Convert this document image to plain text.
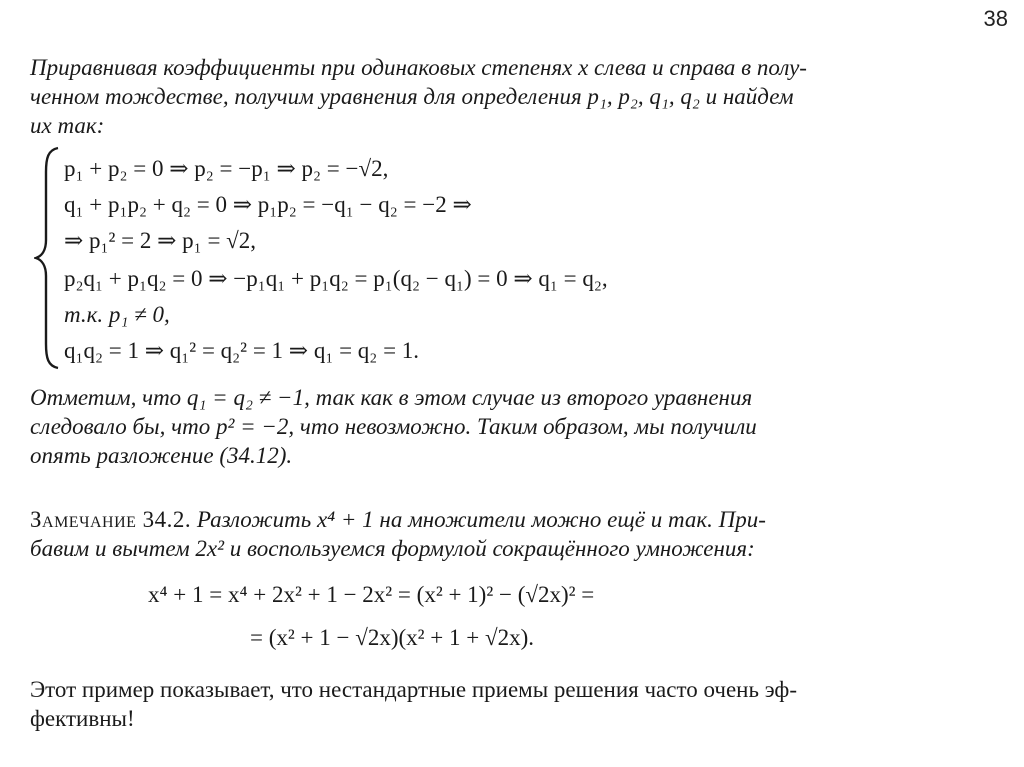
38

Приравнивая коэффициенты при одинаковых степенях x слева и справа в полу-

ченном тождестве, получим уравнения для определения p₁, p₂, q₁, q₂ и найдем

их так:

p₁ + p₂ = 0 ⇒ p₂ = −p₁ ⇒ p₂ = −√2,
q₁ + p₁p₂ + q₂ = 0 ⇒ p₁p₂ = −q₁ − q₂ = −2 ⇒
⇒ p₁² = 2 ⇒ p₁ = √2,
p₂q₁ + p₁q₂ = 0 ⇒ −p₁q₁ + p₁q₂ = p₁(q₂ − q₁) = 0 ⇒ q₁ = q₂,
т.к. p₁ ≠ 0,
q₁q₂ = 1 ⇒ q₁² = q₂² = 1 ⇒ q₁ = q₂ = 1.

Отметим, что q₁ = q₂ ≠ −1, так как в этом случае из второго уравнения

следовало бы, что p² = −2, что невозможно. Таким образом, мы получили

опять разложение (34.12).

Замечание 34.2. Разложить x⁴ + 1 на множители можно ещё и так. При-

бавим и вычтем 2x² и воспользуемся формулой сокращённого умножения:

x⁴ + 1 = x⁴ + 2x² + 1 − 2x² = (x² + 1)² − (√2x)² =
= (x² + 1 − √2x)(x² + 1 + √2x).

Этот пример показывает, что нестандартные приемы решения часто очень эф-

фективны!
